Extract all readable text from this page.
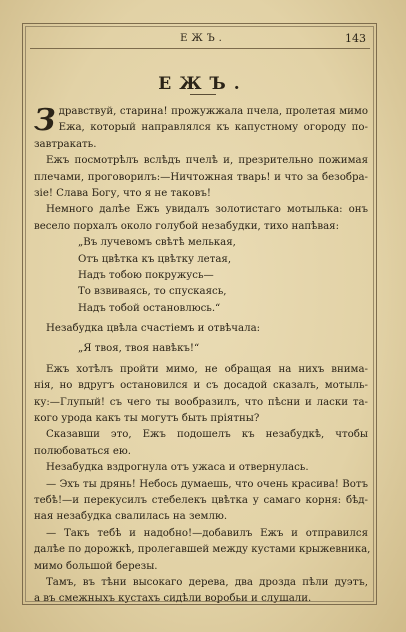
ЕЖЪ.	143
ЕЖЪ.
Здравствуй, старина! прожужжала пчела, пролетая мимо
Ежа, который направлялся къ капустному огороду по-
завтракать.
Ежъ посмотрѣлъ вслѣдъ пчелѣ и, презрительно пожимая
плечами, проговорилъ:—Ничтожная тварь! и что за безобра-
зіе! Слава Богу, что я не таковъ!
Немного далѣе Ежъ увидалъ золотистаго мотылька: онъ
весело порхалъ около голубой незабудки, тихо напѣвая:
„Въ лучевомъ свѣтѣ мелькая,
Отъ цвѣтка къ цвѣтку летая,
Надъ тобою покружусь—
То взвиваясь, то спускаясь,
Надъ тобой остановлюсь.“
Незабудка цвѣла счастіемъ и отвѣчала:
„Я твоя, твоя навѣкъ!“
Ежъ хотѣлъ пройти мимо, не обращая на нихъ внима-
нія, но вдругъ остановился и съ досадой сказалъ, мотыль-
ку:—Глупый! съ чего ты вообразилъ, что пѣсни и ласки та-
кого урода какъ ты могутъ быть пріятны?
Сказавши это, Ежъ подошелъ къ незабудкѣ, чтобы
полюбоваться ею.
Незабудка вздрогнула отъ ужаса и отвернулась.
— Эхъ ты дрянь! Небось думаешь, что очень красива! Вотъ
тебѣ!—и перекусилъ стебелекъ цвѣтка у самаго корня: бѣд-
ная незабудка свалилась на землю.
— Такъ тебѣ и надобно!—добавилъ Ежъ и отправился
далѣе по дорожкѣ, пролегавшей между кустами крыжевника,
мимо большой березы.
Тамъ, въ тѣни высокаго дерева, два дрозда пѣли дуэтъ,
а въ смежныхъ кустахъ сидѣли воробьи и слушали.
